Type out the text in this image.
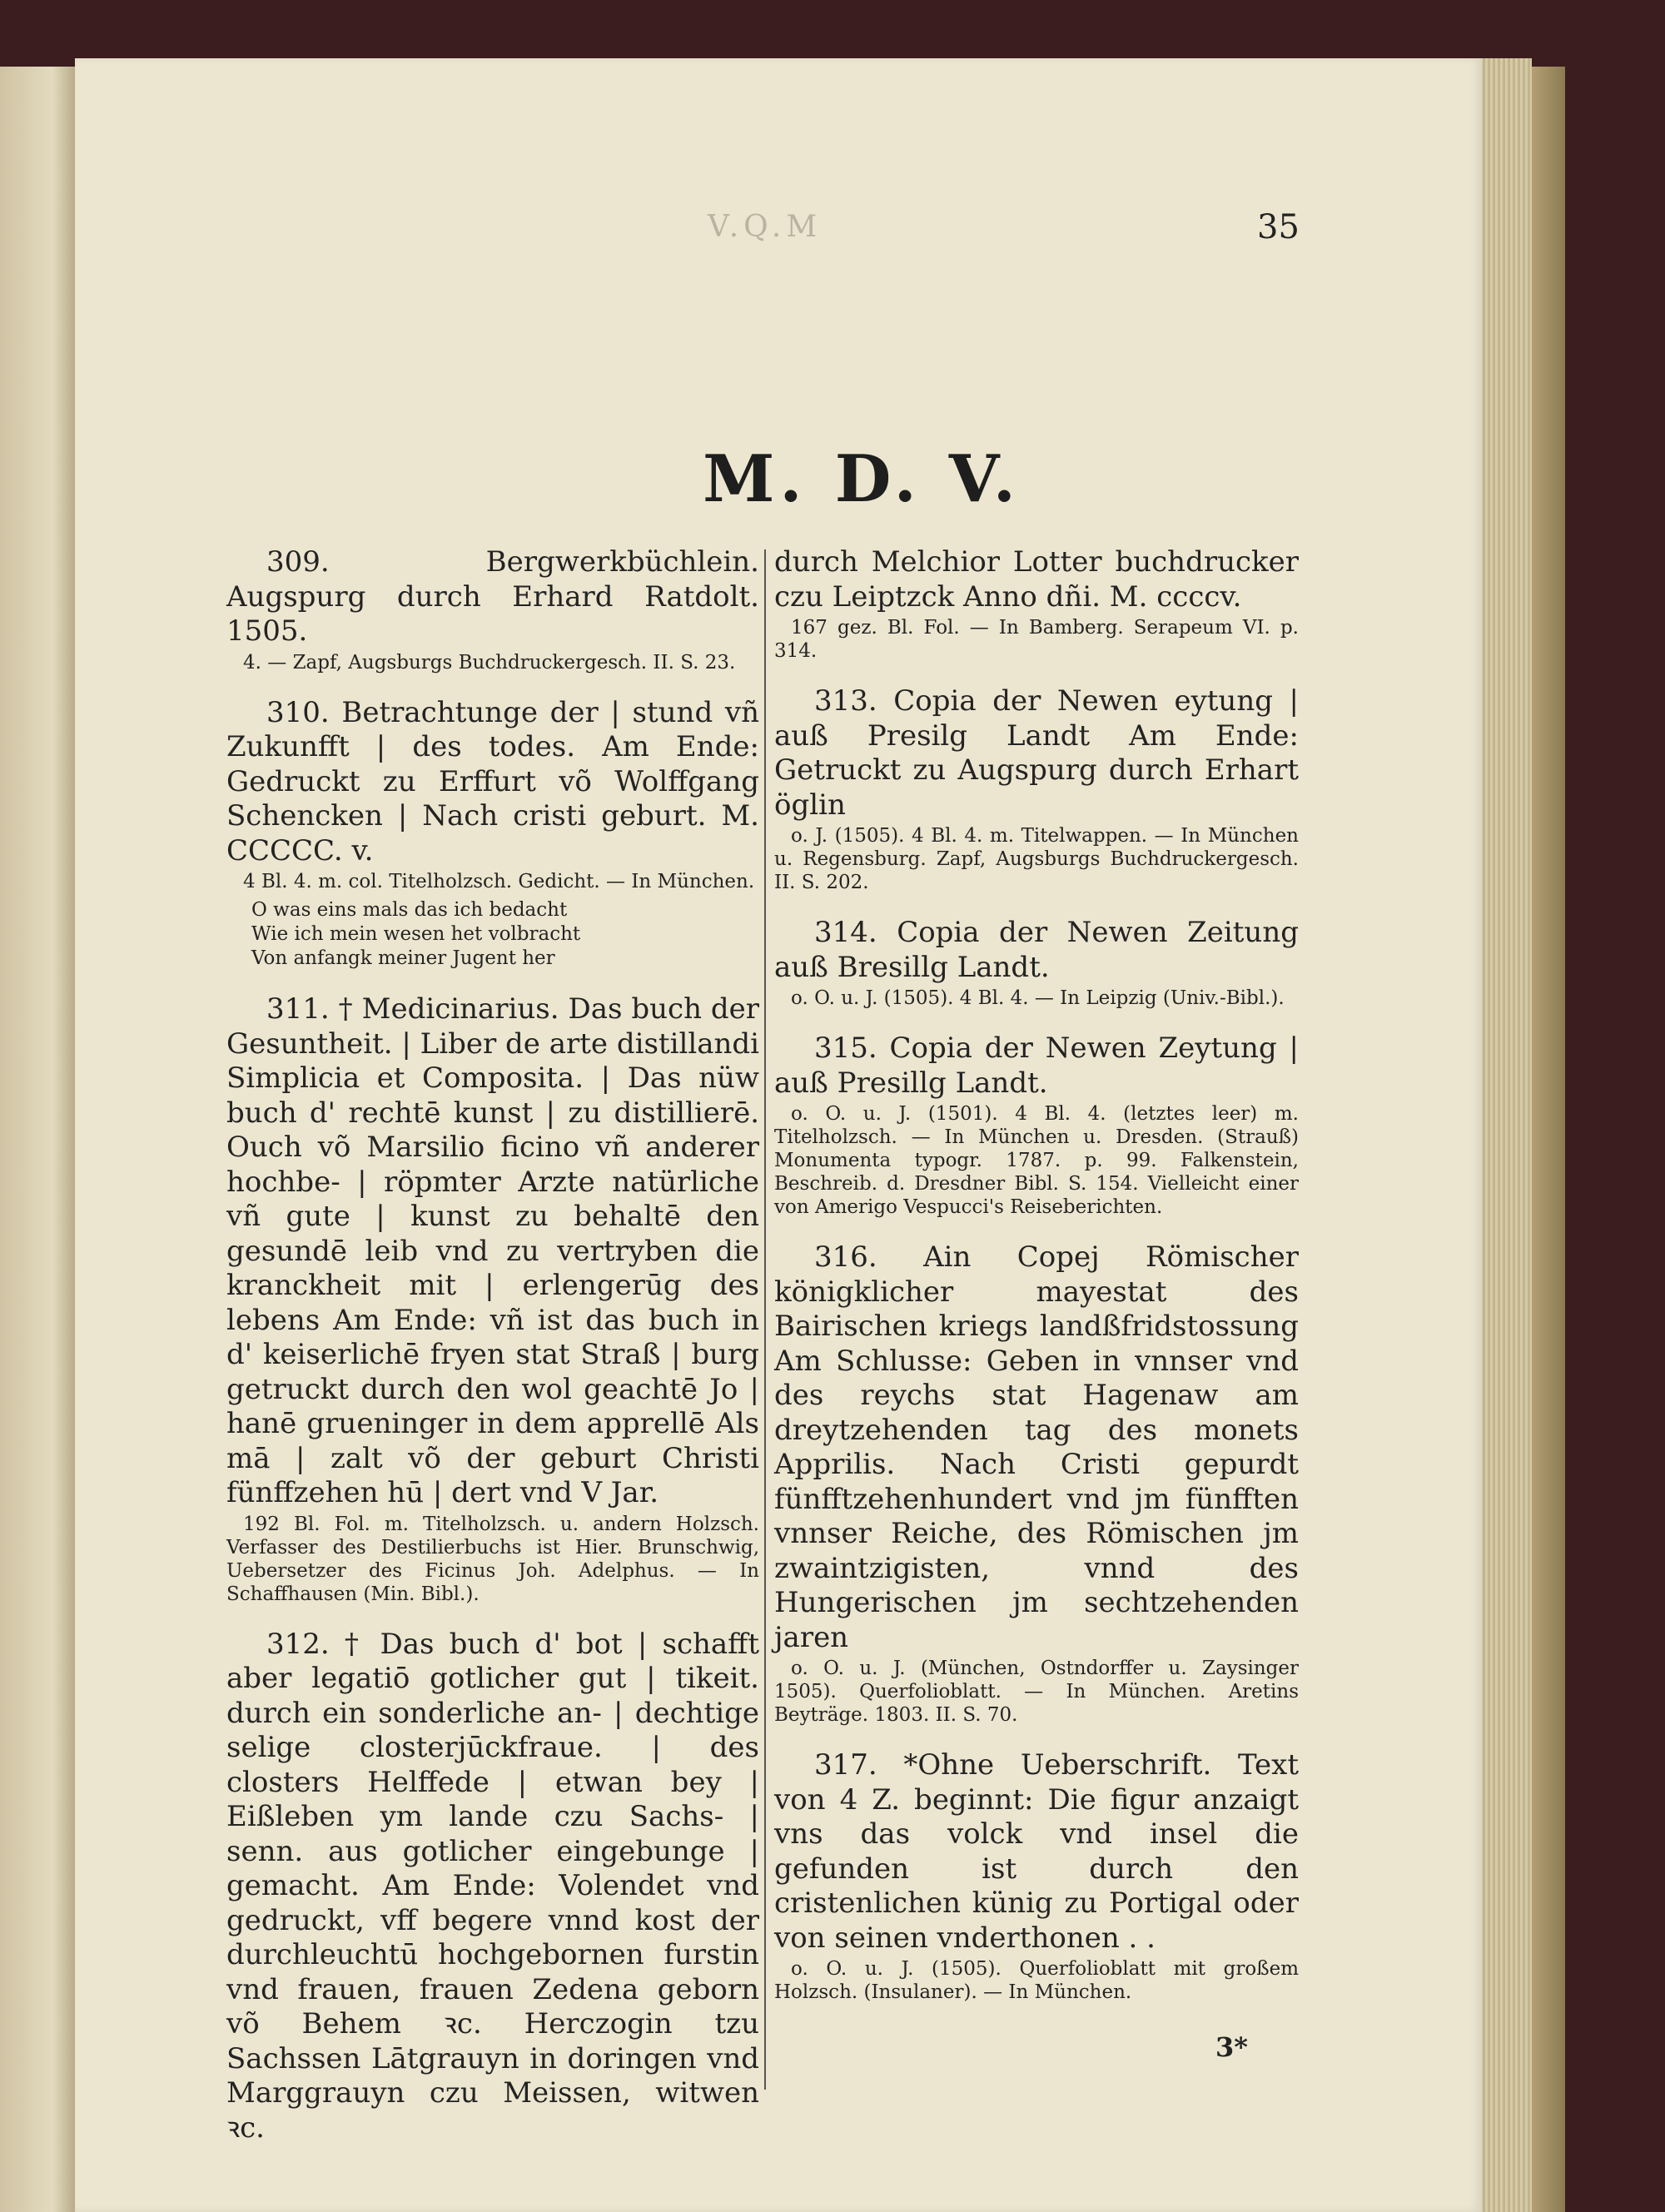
V.Q.M	35
M. D. V.
309.	Bergwerkbüchlein. Augspurg durch Erhard Ratdolt. 1505.
4. — Zapf, Augsburgs Buchdruckergesch. II. S. 23.
310. Betrachtunge der | stund vñ Zukunfft | des todes. Am Ende: Gedruckt zu Erffurt võ Wolffgang Schencken | Nach cristi geburt. M. CCCCC. v.
4 Bl. 4. m. col. Titelholzsch. Gedicht. — In München.
O was eins mals das ich bedacht
Wie ich mein wesen het volbracht
Von anfangk meiner Jugent her
311. † Medicinarius. Das buch der Gesuntheit. | Liber de arte distillandi Simplicia et Composita. | Das nüw buch d' rechtē kunst | zu distillierē. Ouch võ Marsilio ficino vñ anderer hochbe- | röpmter Arzte natürliche vñ gute | kunst zu behaltē den gesundē leib vnd zu vertryben die kranckheit mit | erlengerūg des lebens Am Ende: vñ ist das buch in d' keiserlichē fryen stat Straß | burg getruckt durch den wol geachtē Jo | hanē grueninger in dem apprellē Als mā | zalt võ der geburt Christi fünffzehen hū | dert vnd V Jar.
192 Bl. Fol. m. Titelholzsch. u. andern Holzsch. Verfasser des Destilierbuchs ist Hier. Brunschwig, Uebersetzer des Ficinus Joh. Adelphus. — In Schaffhausen (Min. Bibl.).
312. † Das buch d' bot | schafft aber legatiō gotlicher gut | tikeit. durch ein sonderliche an- | dechtige selige closterjūckfraue. | des closters Helffede | etwan bey | Eißleben ym lande czu Sachs- | senn. aus gotlicher eingebunge | gemacht. Am Ende: Volendet vnd gedruckt, vff begere vnnd kost der durchleuchtū hochgebornen furstin vnd frauen, frauen Zedena geborn võ Behem ꝛc. Herczogin tzu Sachssen Lātgrauyn in doringen vnd Marggrauyn czu Meissen, witwen ꝛc.
durch Melchior Lotter buchdrucker czu Leiptzck Anno dñi. M. ccccv.
167 gez. Bl. Fol. — In Bamberg. Serapeum VI. p. 314.
313. Copia der Newen eytung | auß Presilg Landt Am Ende: Getruckt zu Augspurg durch Erhart öglin
o. J. (1505). 4 Bl. 4. m. Titelwappen. — In München u. Regensburg. Zapf, Augsburgs Buchdruckergesch. II. S. 202.
314. Copia der Newen Zeitung auß Bresillg Landt.
o. O. u. J. (1505). 4 Bl. 4. — In Leipzig (Univ.-Bibl.).
315. Copia der Newen Zeytung | auß Presillg Landt.
o. O. u. J. (1501). 4 Bl. 4. (letztes leer) m. Titelholzsch. — In München u. Dresden. (Strauß) Monumenta typogr. 1787. p. 99. Falkenstein, Beschreib. d. Dresdner Bibl. S. 154. Vielleicht einer von Amerigo Vespucci's Reiseberichten.
316. Ain Copej Römischer königklicher mayestat des Bairischen kriegs landßfridstossung Am Schlusse: Geben in vnnser vnd des reychs stat Hagenaw am dreytzehenden tag des monets Apprilis. Nach Cristi gepurdt fünfftzehenhundert vnd jm fünfften vnnser Reiche, des Römischen jm zwaintzigisten, vnnd des Hungerischen jm sechtzehenden jaren
o. O. u. J. (München, Ostndorffer u. Zaysinger 1505). Querfolioblatt. — In München. Aretins Beyträge. 1803. II. S. 70.
317. *Ohne Ueberschrift. Text von 4 Z. beginnt: Die figur anzaigt vns das volck vnd insel die gefunden ist durch den cristenlichen künig zu Portigal oder von seinen vnderthonen . .
o. O. u. J. (1505). Querfolioblatt mit großem Holzsch. (Insulaner). — In München.
3*
